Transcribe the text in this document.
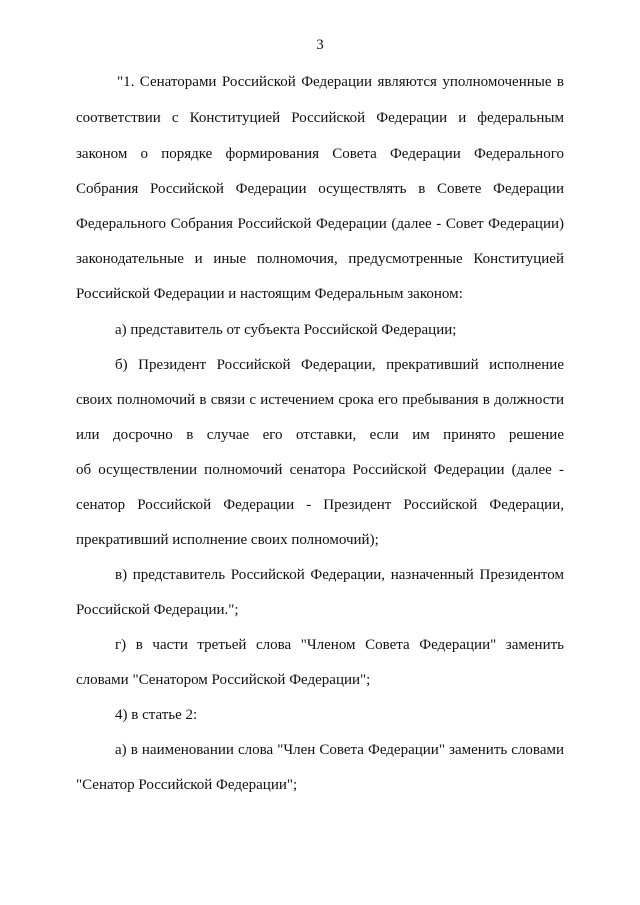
3
"1. Сенаторами Российской Федерации являются уполномоченные в
соответствии с Конституцией Российской Федерации и федеральным
законом о порядке формирования Совета Федерации Федерального
Собрания Российской Федерации осуществлять в Совете Федерации
Федерального Собрания Российской Федерации (далее - Совет Федерации)
законодательные и иные полномочия, предусмотренные Конституцией
Российской Федерации и настоящим Федеральным законом:
а) представитель от субъекта Российской Федерации;
б) Президент Российской Федерации, прекративший исполнение
своих полномочий в связи с истечением срока его пребывания в должности
или досрочно в случае его отставки, если им принято решение
об осуществлении полномочий сенатора Российской Федерации (далее -
сенатор Российской Федерации - Президент Российской Федерации,
прекративший исполнение своих полномочий);
в) представитель Российской Федерации, назначенный Президентом
Российской Федерации.";
г) в части третьей слова "Членом Совета Федерации" заменить
словами "Сенатором Российской Федерации";
4) в статье 2:
а) в наименовании слова "Член Совета Федерации" заменить словами
"Сенатор Российской Федерации";
